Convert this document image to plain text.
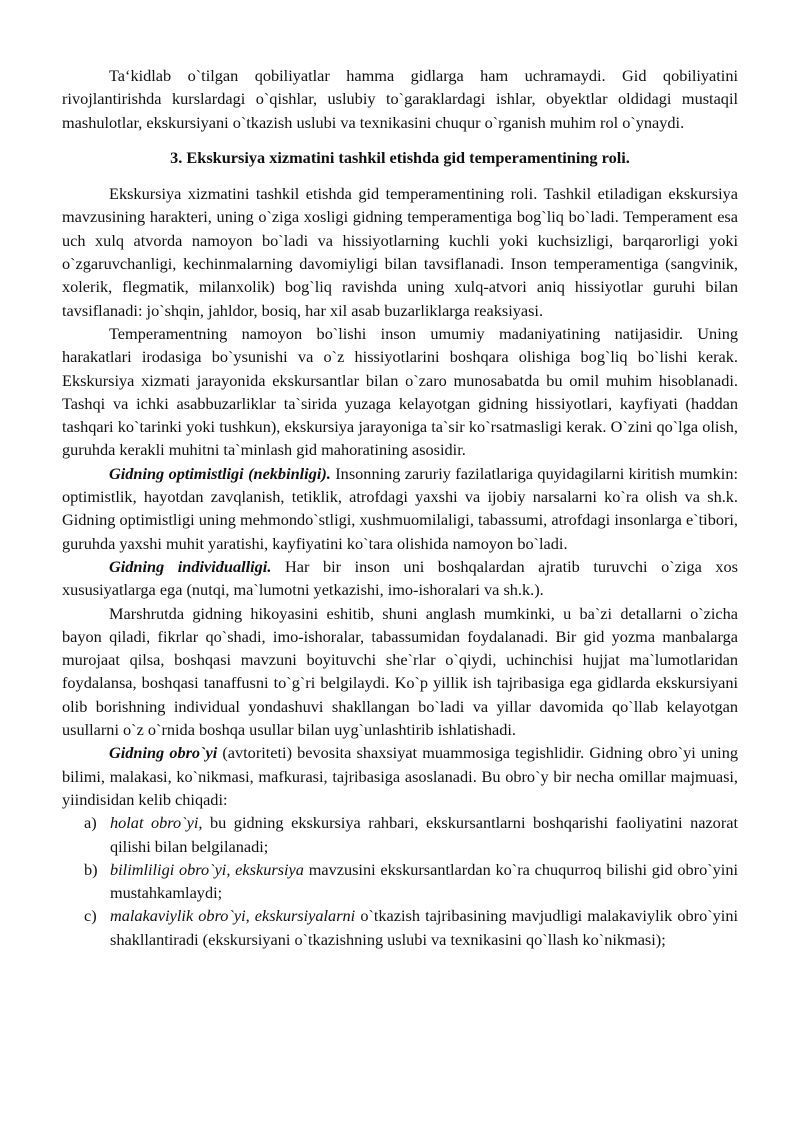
Ta‘kidlab o`tilgan qobiliyatlar hamma gidlarga ham uchramaydi. Gid qobiliyatini rivojlantirishda kurslardagi o`qishlar, uslubiy to`garaklardagi ishlar, obyektlar oldidagi mustaqil mashulotlar, ekskursiyani o`tkazish uslubi va texnikasini chuqur o`rganish muhim rol o`ynaydi.

3. Ekskursiya xizmatini tashkil etishda gid temperamentining roli.

Ekskursiya xizmatini tashkil etishda gid temperamentining roli. Tashkil etiladigan ekskursiya mavzusining harakteri, uning o`ziga xosligi gidning temperamentiga bog`liq bo`ladi. Temperament esa uch xulq atvorda namoyon bo`ladi va hissiyotlarning kuchli yoki kuchsizligi, barqarorligi yoki o`zgaruvchanligi, kechinmalarning davomiyligi bilan tavsiflanadi. Inson temperamentiga (sangvinik, xolerik, flegmatik, milanxolik) bog`liq ravishda uning xulq-atvori aniq hissiyotlar guruhi bilan tavsiflanadi: jo`shqin, jahldor, bosiq, har xil asab buzarliklarga reaksiyasi.

Temperamentning namoyon bo`lishi inson umumiy madaniyatining natijasidir. Uning harakatlari irodasiga bo`ysunishi va o`z hissiyotlarini boshqara olishiga bog`liq bo`lishi kerak. Ekskursiya xizmati jarayonida ekskursantlar bilan o`zaro munosabatda bu omil muhim hisoblanadi. Tashqi va ichki asabbuzarliklar ta`sirida yuzaga kelayotgan gidning hissiyotlari, kayfiyati (haddan tashqari ko`tarinki yoki tushkun), ekskursiya jarayoniga ta`sir ko`rsatmasligi kerak. O`zini qo`lga olish, guruhda kerakli muhitni ta`minlash gid mahoratining asosidir.

Gidning optimistligi (nekbinligi). Insonning zaruriy fazilatlariga quyidagilarni kiritish mumkin: optimistlik, hayotdan zavqlanish, tetiklik, atrofdagi yaxshi va ijobiy narsalarni ko`ra olish va sh.k. Gidning optimistligi uning mehmondo`stligi, xushmuomilaligi, tabassumi, atrofdagi insonlarga e`tibori, guruhda yaxshi muhit yaratishi, kayfiyatini ko`tara olishida namoyon bo`ladi.

Gidning individualligi. Har bir inson uni boshqalardan ajratib turuvchi o`ziga xos xususiyatlarga ega (nutqi, ma`lumotni yetkazishi, imo-ishoralari va sh.k.).

Marshrutda gidning hikoyasini eshitib, shuni anglash mumkinki, u ba`zi detallarni o`zicha bayon qiladi, fikrlar qo`shadi, imo-ishoralar, tabassumidan foydalanadi. Bir gid yozma manbalarga murojaat qilsa, boshqasi mavzuni boyituvchi she`rlar o`qiydi, uchinchisi hujjat ma`lumotlaridan foydalansa, boshqasi tanaffusni to`g`ri belgilaydi. Ko`p yillik ish tajribasiga ega gidlarda ekskursiyani olib borishning individual yondashuvi shakllangan bo`ladi va yillar davomida qo`llab kelayotgan usullarni o`z o`rnida boshqa usullar bilan uyg`unlashtirib ishlatishadi.

Gidning obro`yi (avtoriteti) bevosita shaxsiyat muammosiga tegishlidir. Gidning obro`yi uning bilimi, malakasi, ko`nikmasi, mafkurasi, tajribasiga asoslanadi. Bu obro`y bir necha omillar majmuasi, yiindisidan kelib chiqadi:

a) holat obro`yi, bu gidning ekskursiya rahbari, ekskursantlarni boshqarishi faoliyatini nazorat qilishi bilan belgilanadi;
b) bilimliligi obro`yi, ekskursiya mavzusini ekskursantlardan ko`ra chuqurroq bilishi gid obro`yini mustahkamlaydi;
c) malakaviylik obro`yi, ekskursiyalarni o`tkazish tajribasining mavjudligi malakaviylik obro`yini shakllantiradi (ekskursiyani o`tkazishning uslubi va texnikasini qo`llash ko`nikmasi);
